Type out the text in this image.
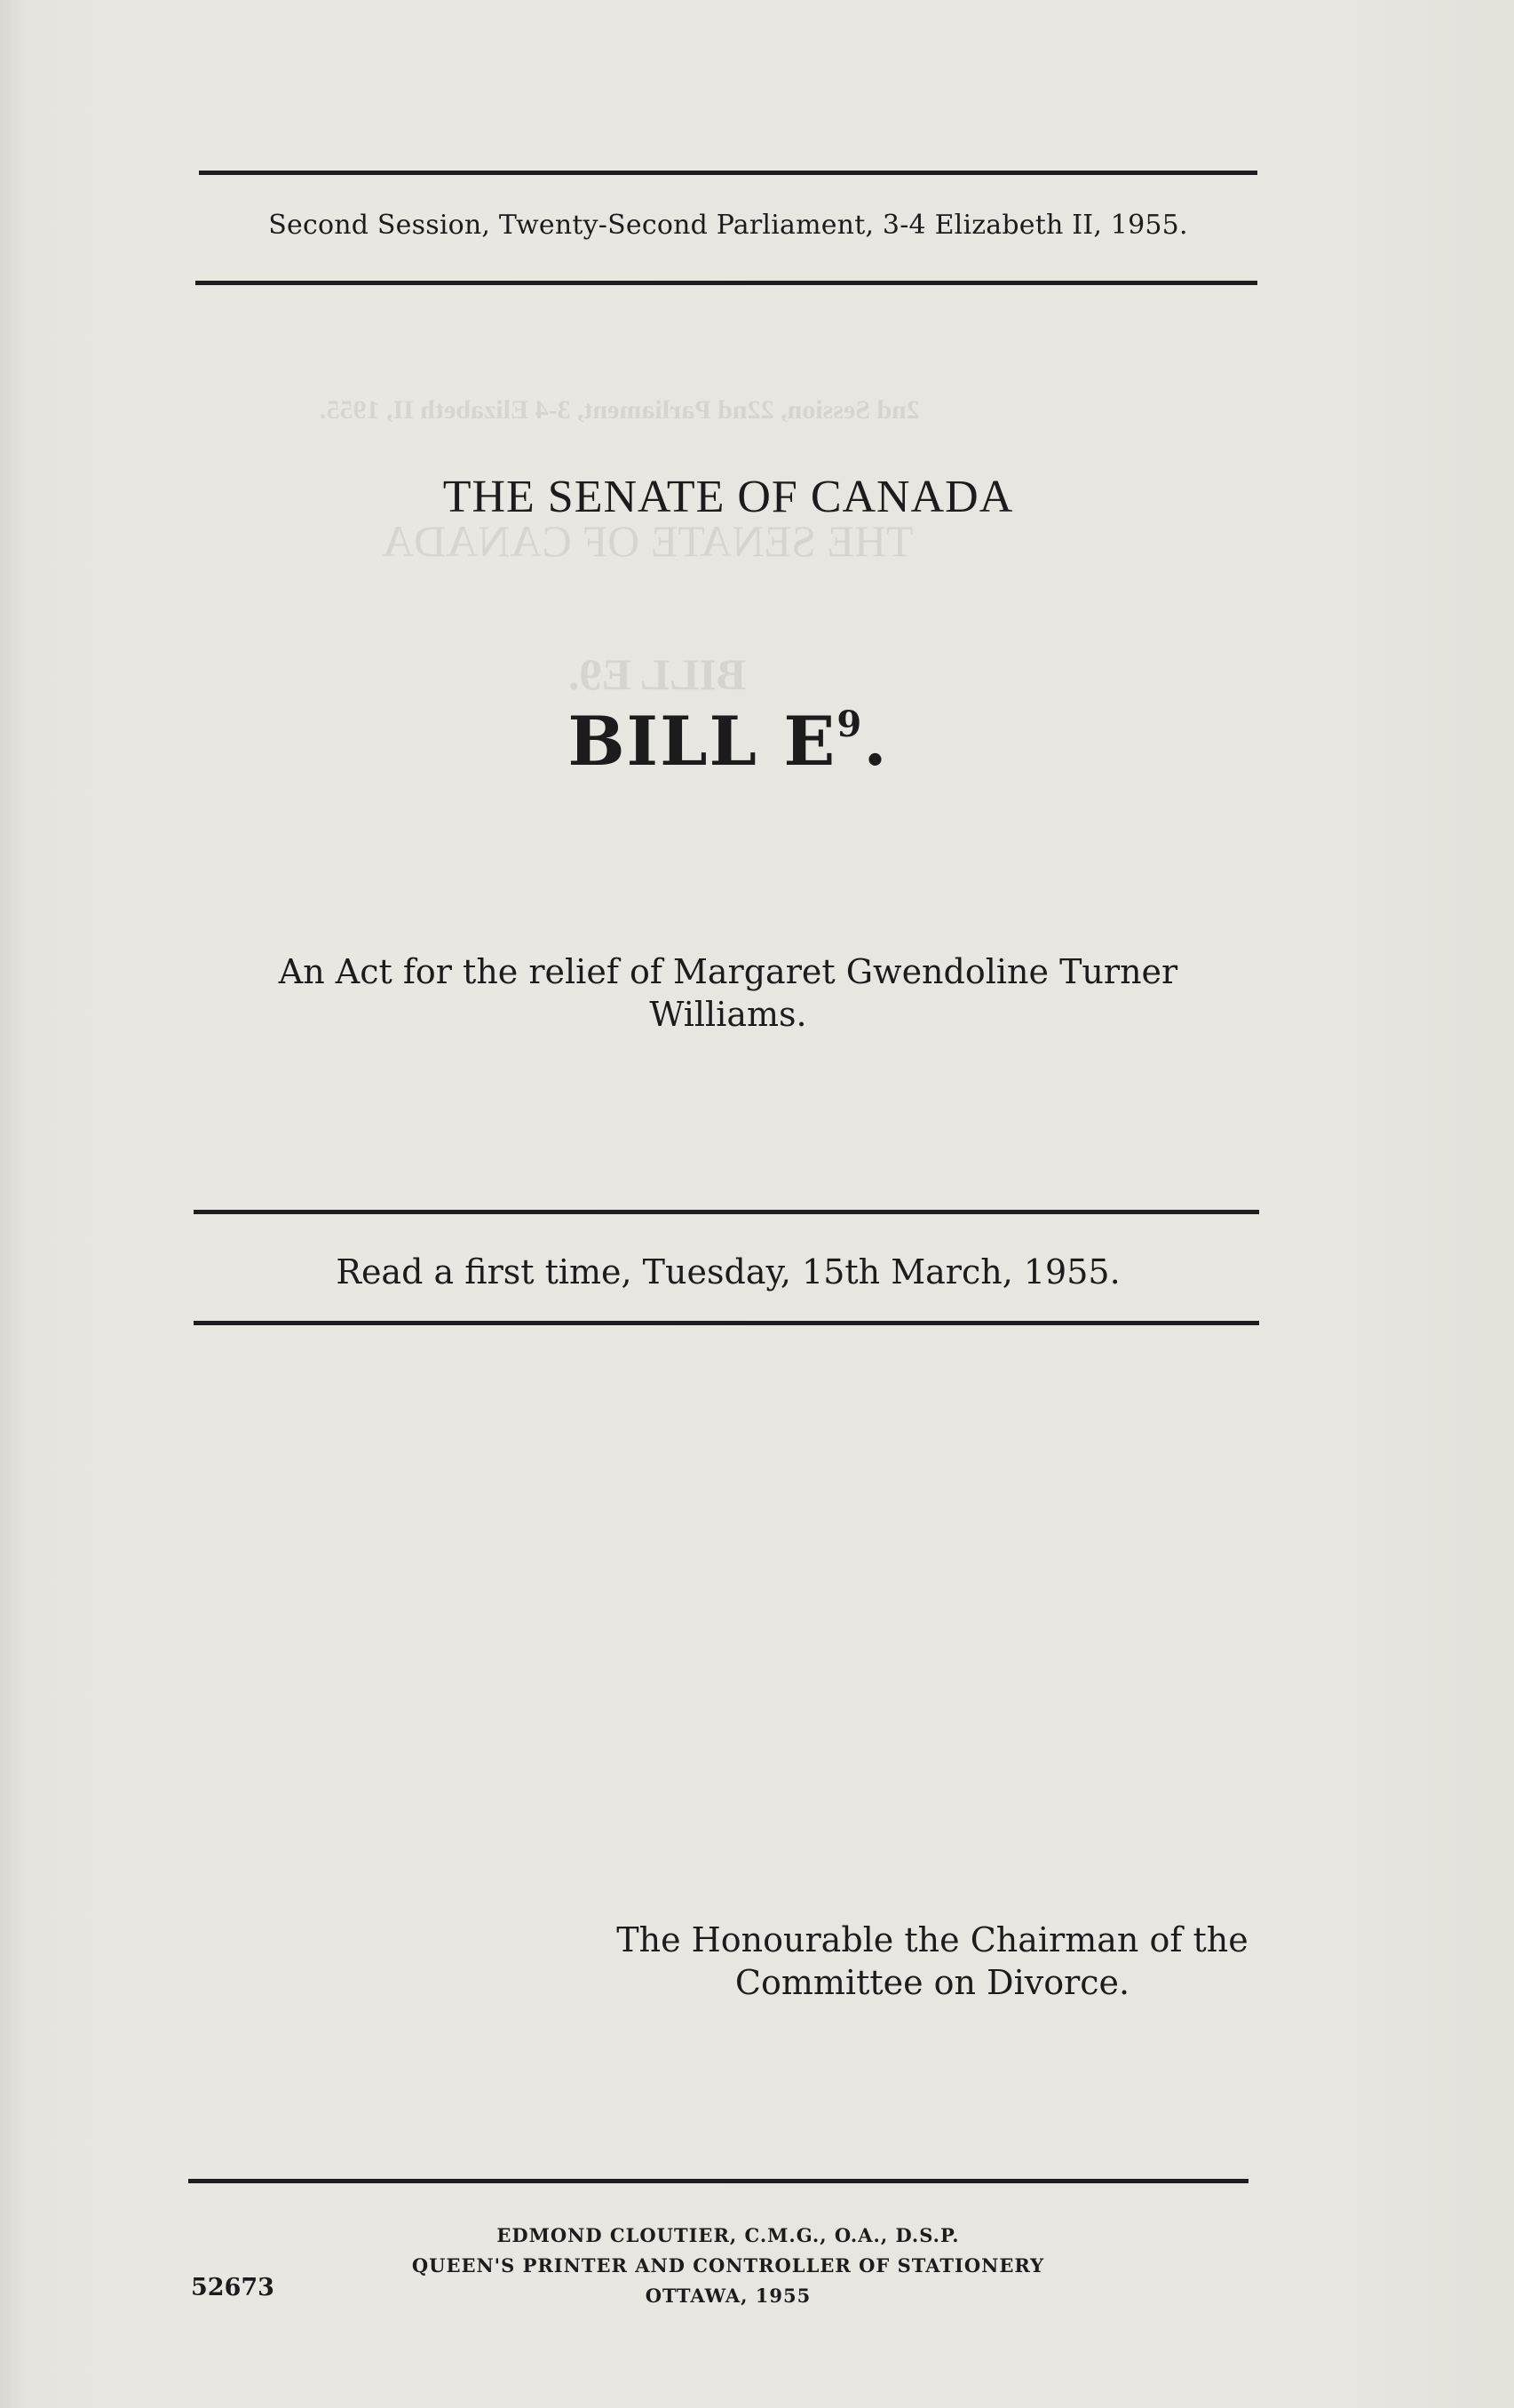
2nd Session, 22nd Parliament, 3-4 Elizabeth II, 1955.
THE SENATE OF CANADA
BILL E9.
Second Session, Twenty-Second Parliament, 3-4 Elizabeth II, 1955.
THE SENATE OF CANADA
BILL $E^9$.
An Act for the relief of Margaret Gwendoline Turner
Williams.
Read a first time, Tuesday, 15th March, 1955.
The Honourable the Chairman of the
Committee on Divorce.
EDMOND CLOUTIER, C.M.G., O.A., D.S.P.
QUEEN'S PRINTER AND CONTROLLER OF STATIONERY
OTTAWA, 1955
52673
